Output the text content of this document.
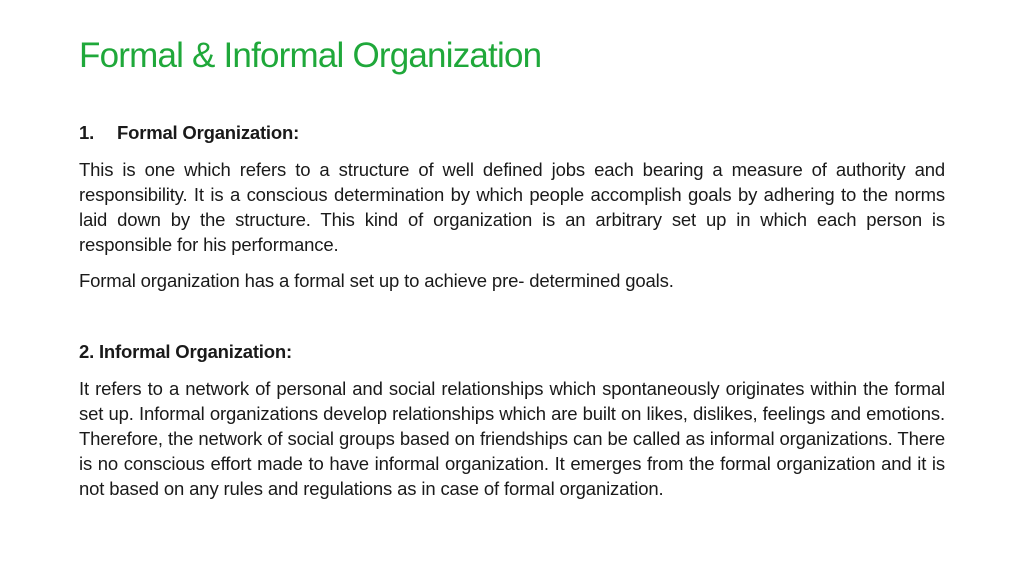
Formal & Informal Organization
1. Formal Organization:

This is one which refers to a structure of well defined jobs each bearing a measure of authority and responsibility. It is a conscious determination by which people accomplish goals by adhering to the norms laid down by the structure. This kind of organization is an arbitrary set up in which each person is responsible for his performance.

Formal organization has a formal set up to achieve pre- determined goals.

2. Informal Organization:

It refers to a network of personal and social relationships which spontaneously originates within the formal set up. Informal organizations develop relationships which are built on likes, dislikes, feelings and emotions. Therefore, the network of social groups based on friendships can be called as informal organizations. There is no conscious effort made to have informal organization. It emerges from the formal organization and it is not based on any rules and regulations as in case of formal organization.
